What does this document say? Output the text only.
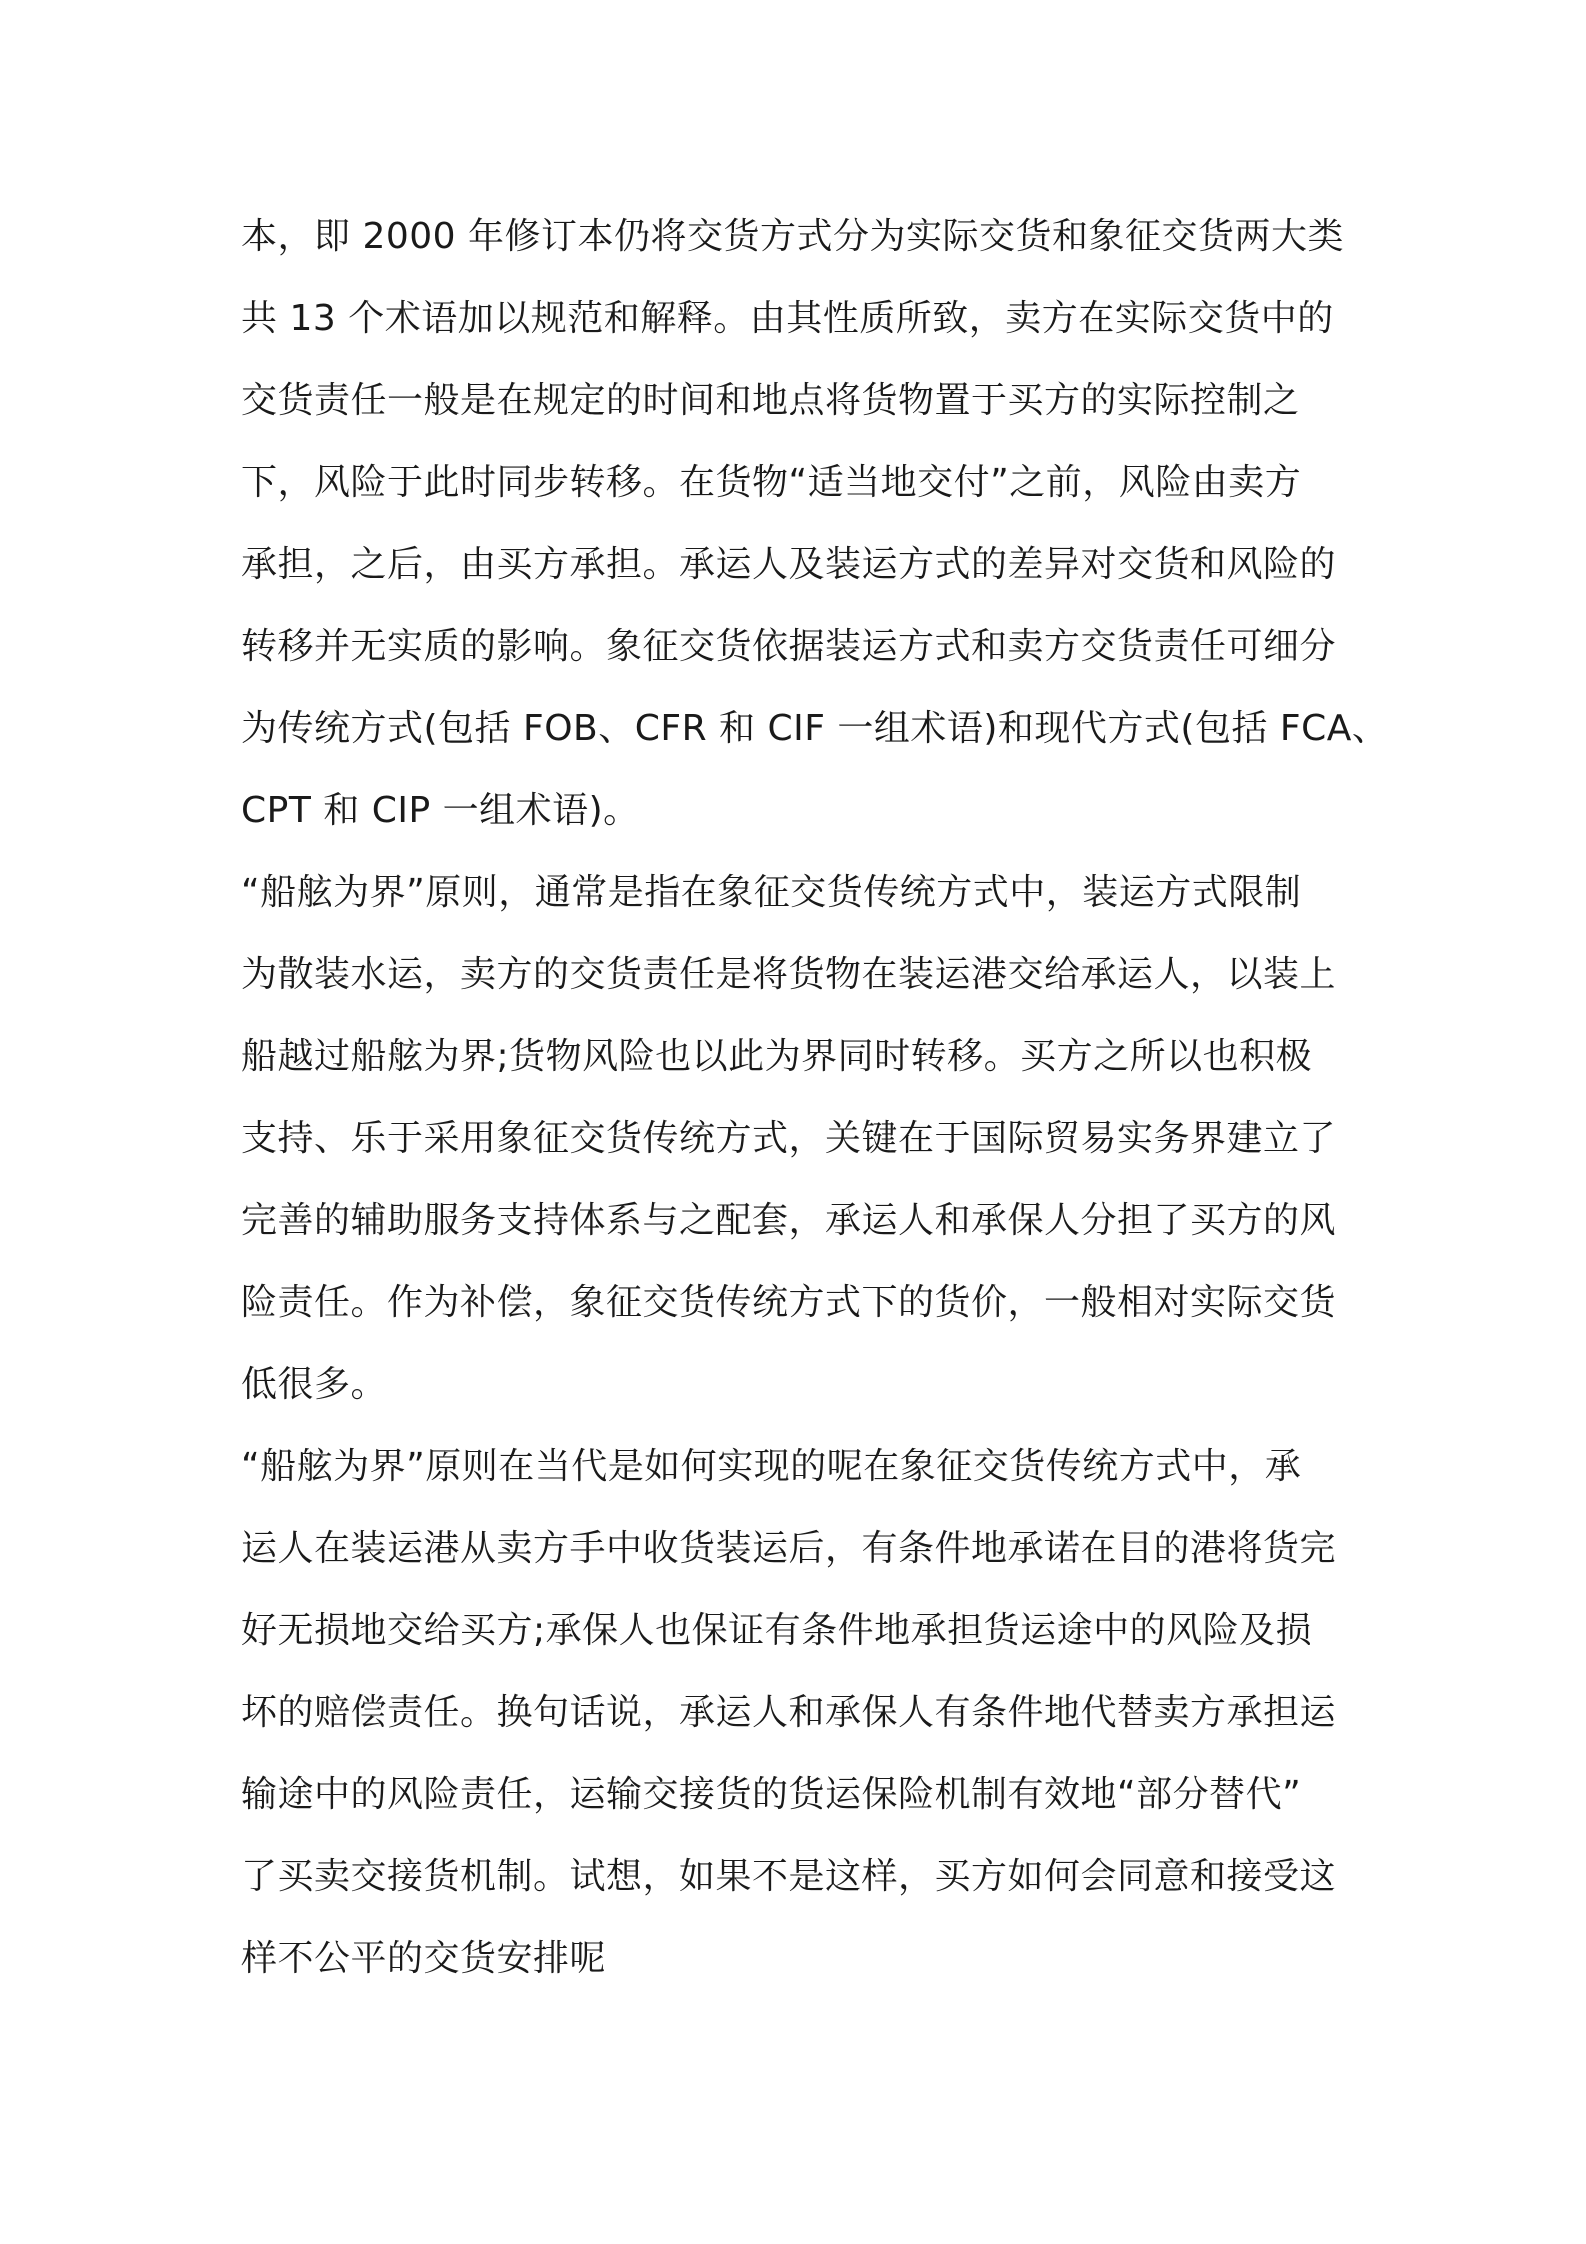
本，即 2000 年修订本仍将交货方式分为实际交货和象征交货两大类
共 13 个术语加以规范和解释。由其性质所致，卖方在实际交货中的
交货责任一般是在规定的时间和地点将货物置于买方的实际控制之
下，风险于此时同步转移。在货物“适当地交付”之前，风险由卖方
承担，之后，由买方承担。承运人及装运方式的差异对交货和风险的
转移并无实质的影响。象征交货依据装运方式和卖方交货责任可细分
为传统方式(包括 FOB、CFR 和 CIF 一组术语)和现代方式(包括 FCA、
CPT 和 CIP 一组术语)。
“船舷为界”原则，通常是指在象征交货传统方式中，装运方式限制
为散装水运，卖方的交货责任是将货物在装运港交给承运人，以装上
船越过船舷为界;货物风险也以此为界同时转移。买方之所以也积极
支持、乐于采用象征交货传统方式，关键在于国际贸易实务界建立了
完善的辅助服务支持体系与之配套，承运人和承保人分担了买方的风
险责任。作为补偿，象征交货传统方式下的货价，一般相对实际交货
低很多。
“船舷为界”原则在当代是如何实现的呢在象征交货传统方式中，承
运人在装运港从卖方手中收货装运后，有条件地承诺在目的港将货完
好无损地交给买方;承保人也保证有条件地承担货运途中的风险及损
坏的赔偿责任。换句话说，承运人和承保人有条件地代替卖方承担运
输途中的风险责任，运输交接货的货运保险机制有效地“部分替代”
了买卖交接货机制。试想，如果不是这样，买方如何会同意和接受这
样不公平的交货安排呢
